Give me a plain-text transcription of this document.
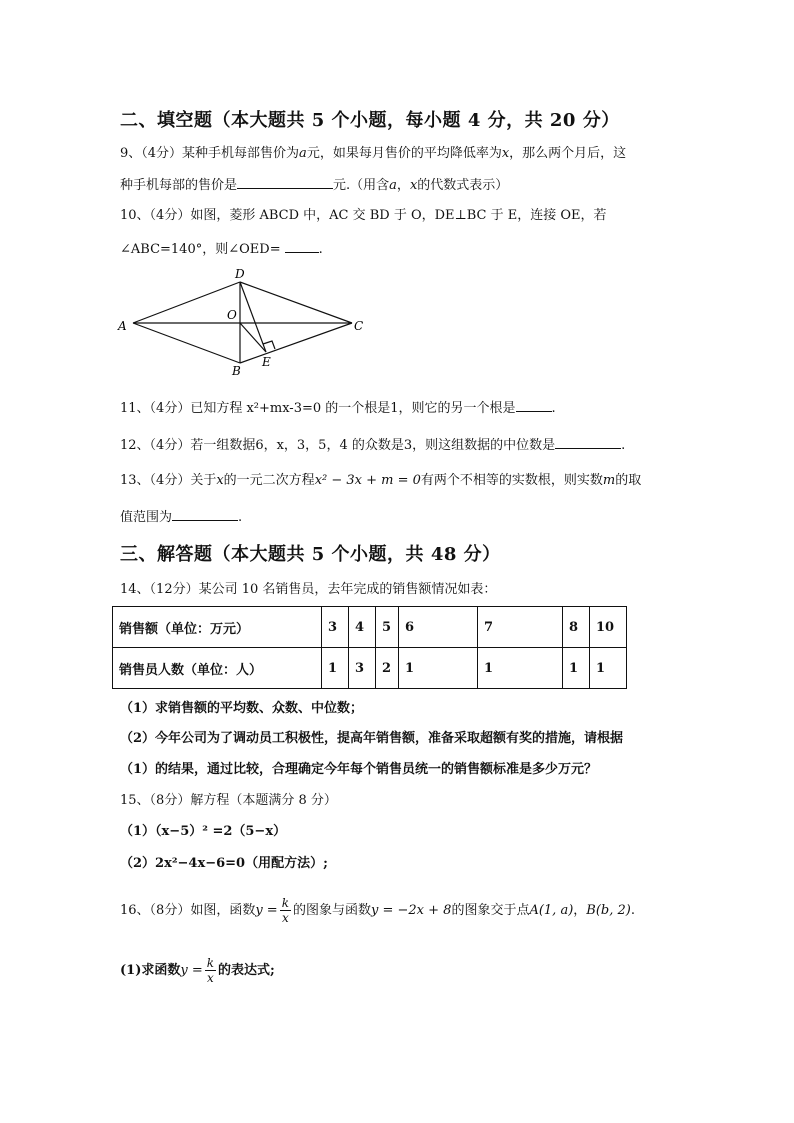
二、填空题（本大题共 5 个小题，每小题 4 分，共 20 分）
9、（4分）某种手机每部售价为a元，如果每月售价的平均降低率为x，那么两个月后，这
种手机每部的售价是	元.（用含a，x的代数式表示）
10、（4分）如图，菱形 ABCD 中，AC 交 BD 于 O，DE⊥BC 于 E，连接 OE，若
∠ABC=140°，则∠OED=	.
A
D
C
B
O
E
11、（4分）已知方程 x²+mx-3=0 的一个根是1，则它的另一个根是	.
12、（4分）若一组数据6，x，3，5，4 的众数是3，则这组数据的中位数是	.
13、（4分）关于x的一元二次方程x² − 3x + m = 0有两个不相等的实数根，则实数m的取
值范围为	.
三、解答题（本大题共 5 个小题，共 48 分）
14、（12分）某公司 10 名销售员，去年完成的销售额情况如表：
销售额（单位：万元）	3	4	5	6	7	8	10
销售员人数（单位：人）	1	3	2	1	1	1	1
（1）求销售额的平均数、众数、中位数；
（2）今年公司为了调动员工积极性，提高年销售额，准备采取超额有奖的措施，请根据
（1）的结果，通过比较，合理确定今年每个销售员统一的销售额标准是多少万元？
15、（8分）解方程（本题满分 8 分）
（1）（x−5）² =2（5−x）
（2）2x²−4x−6=0（用配方法）;
16、（8分）如图，函数$y = \frac{k}{x}$ 的图象与函数y = −2x + 8的图象交于点A(1, a)，B(b, 2).
(1)求函数$y = \frac{k}{x}$ 的表达式;
